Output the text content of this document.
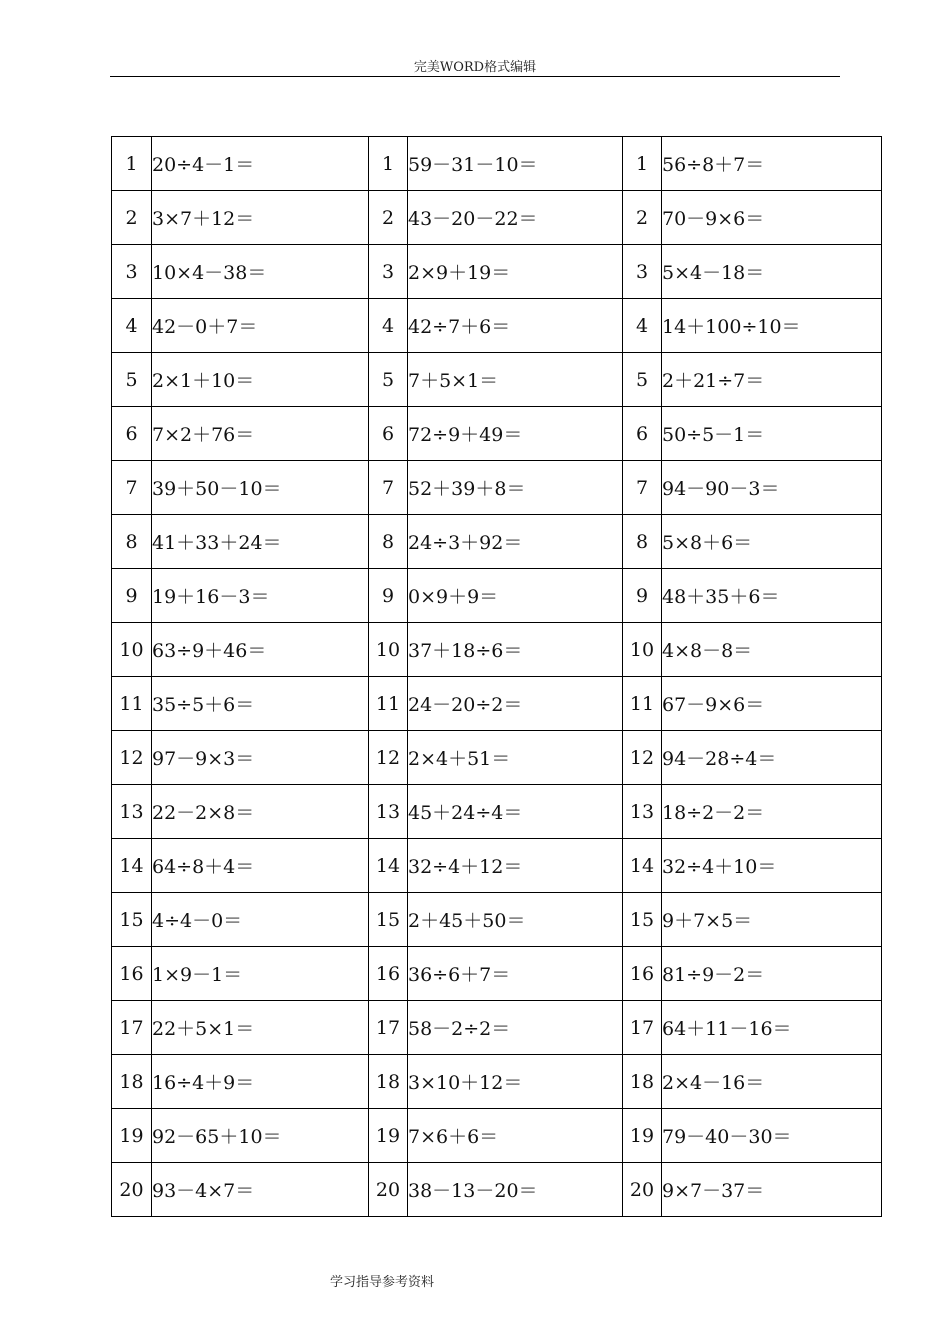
完美WORD格式编辑
1	20÷4－1＝	1	59－31－10＝	1	56÷8＋7＝
2	3×7＋12＝	2	43－20－22＝	2	70－9×6＝
3	10×4－38＝	3	2×9＋19＝	3	5×4－18＝
4	42－0＋7＝	4	42÷7＋6＝	4	14＋100÷10＝
5	2×1＋10＝	5	7＋5×1＝	5	2＋21÷7＝
6	7×2＋76＝	6	72÷9＋49＝	6	50÷5－1＝
7	39＋50－10＝	7	52＋39＋8＝	7	94－90－3＝
8	41＋33＋24＝	8	24÷3＋92＝	8	5×8＋6＝
9	19＋16－3＝	9	0×9＋9＝	9	48＋35＋6＝
10	63÷9＋46＝	10	37＋18÷6＝	10	4×8－8＝
11	35÷5＋6＝	11	24－20÷2＝	11	67－9×6＝
12	97－9×3＝	12	2×4＋51＝	12	94－28÷4＝
13	22－2×8＝	13	45＋24÷4＝	13	18÷2－2＝
14	64÷8＋4＝	14	32÷4＋12＝	14	32÷4＋10＝
15	4÷4－0＝	15	2＋45＋50＝	15	9＋7×5＝
16	1×9－1＝	16	36÷6＋7＝	16	81÷9－2＝
17	22＋5×1＝	17	58－2÷2＝	17	64＋11－16＝
18	16÷4＋9＝	18	3×10＋12＝	18	2×4－16＝
19	92－65＋10＝	19	7×6＋6＝	19	79－40－30＝
20	93－4×7＝	20	38－13－20＝	20	9×7－37＝
学习指导参考资料
